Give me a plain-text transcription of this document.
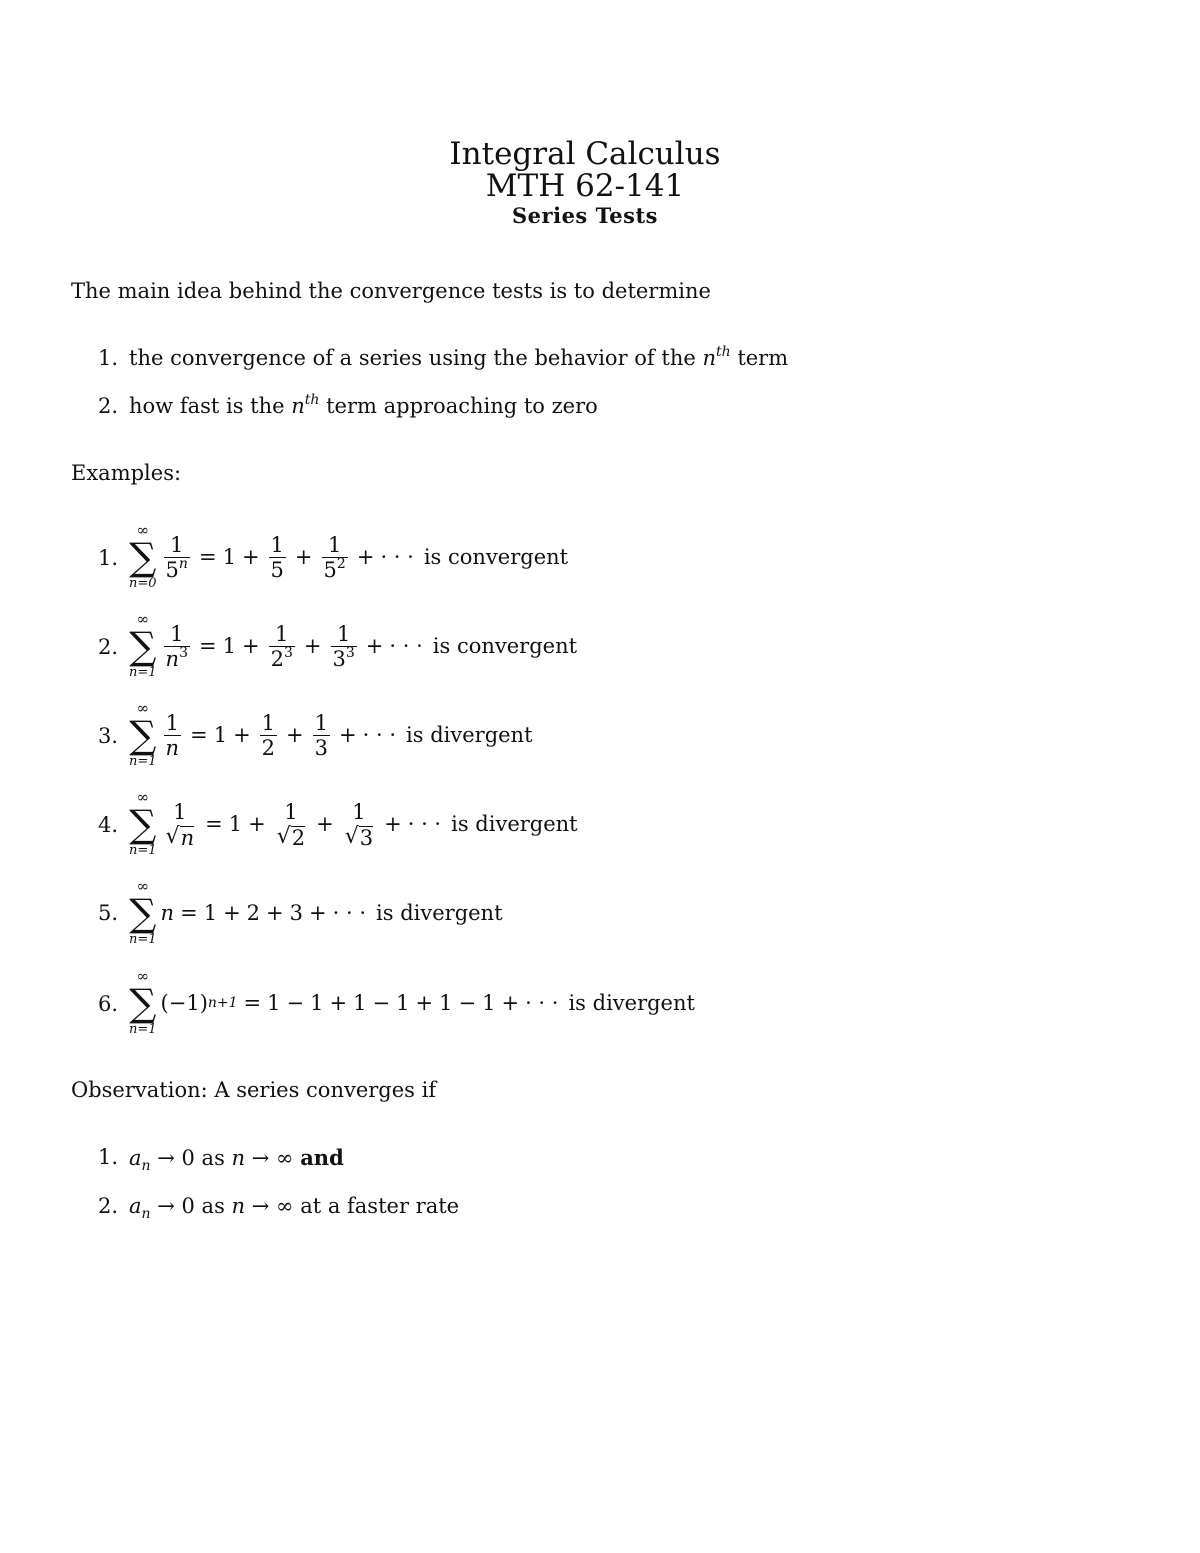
Integral Calculus
MTH 62-141
Series Tests
The main idea behind the convergence tests is to determine
1. the convergence of a series using the behavior of the $n^{th}$ term
2. how fast is the $n^{th}$ term approaching to zero
Examples:
1.
∞
∑
n=0
$\frac{1}{5^n} = 1 + \frac{1}{5} + \frac{1}{5^2}$ + · · · is convergent
2.
∞
∑
n=1
$\frac{1}{n^3} = 1 + \frac{1}{2^3} + \frac{1}{3^3}$ + · · · is convergent
3.
∞
∑
n=1
$\frac{1}{n} = 1 + \frac{1}{2} + \frac{1}{3}$ + · · · is divergent
4.
∞
∑
n=1
1
√ n
= 1 +
1
√ 2
+
1
√ 3
+ · · · is divergent
5.
∞
∑
n=1
n = 1 + 2 + 3 + · · · is divergent
6.
∞
∑
n=1
(−1) n+1 = 1 − 1 + 1 − 1 + 1 − 1 + · · · is divergent
Observation: A series converges if
1. $a_n \to 0$ as n → ∞ and
2. $a_n \to 0$ as n → ∞ at a faster rate
